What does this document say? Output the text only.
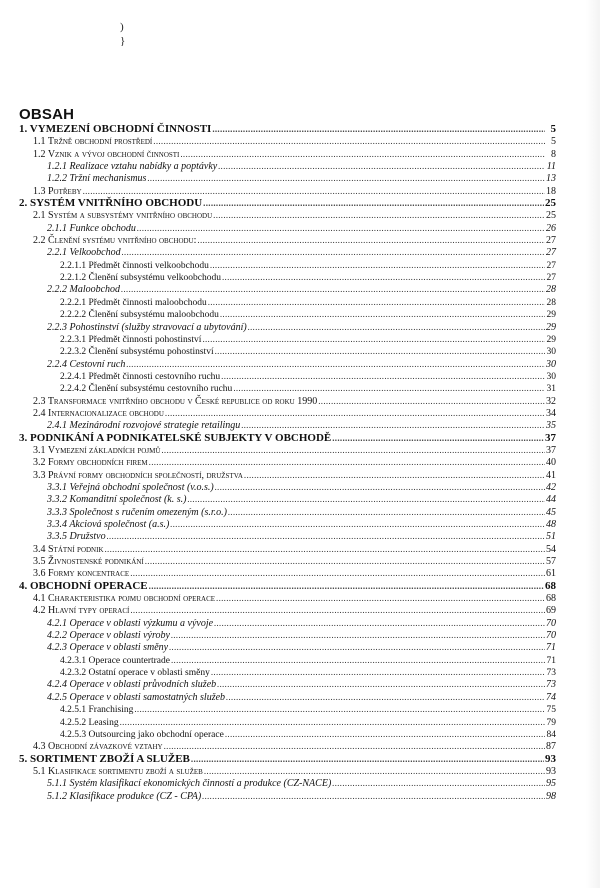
)
}
OBSAH
1. VYMEZENÍ OBCHODNÍ ČINNOSTI .....	5
1.1 Tržně obchodní prostředí .....	5
1.2 Vznik a vývoj obchodní činnosti .....	8
1.2.1 Realizace vztahu nabídky a poptávky .....	11
1.2.2 Tržní mechanismus .....	13
1.3 Potřeby .....	18
2. SYSTÉM VNITŘNÍHO OBCHODU .....	25
2.1 Systém a subsystémy vnitřního obchodu .....	25
2.1.1 Funkce obchodu .....	26
2.2 Členění systému vnitřního obchodu: .....	27
2.2.1 Velkoobchod .....	27
2.2.1.1 Předmět činnosti velkoobchodu .....	27
2.2.1.2 Členění subsystému velkoobchodu .....	27
2.2.2 Maloobchod .....	28
2.2.2.1 Předmět činnosti maloobchodu .....	28
2.2.2.2 Členění subsystému maloobchodu .....	29
2.2.3 Pohostinství (služby stravovací a ubytování) .....	29
2.2.3.1 Předmět činnosti pohostinství .....	29
2.2.3.2 Členění subsystému pohostinství .....	30
2.2.4 Cestovní ruch .....	30
2.2.4.1 Předmět činnosti cestovního ruchu .....	30
2.2.4.2 Členění subsystému cestovního ruchu .....	31
2.3 Transformace vnitřního obchodu v České republice od roku 1990 .....	32
2.4 Internacionalizace obchodu .....	34
2.4.1 Mezinárodní rozvojové strategie retailingu .....	35
3. PODNIKÁNÍ A PODNIKATELSKÉ SUBJEKTY V OBCHODĚ .....	37
3.1 Vymezení základních pojmů .....	37
3.2 Formy obchodních firem .....	40
3.3 Právní formy obchodních společností, družstva .....	41
3.3.1 Veřejná obchodní společnost (v.o.s.) .....	42
3.3.2 Komanditní společnost (k. s.) .....	44
3.3.3 Společnost s ručením omezeným (s.r.o.) .....	45
3.3.4 Akciová společnost (a.s.) .....	48
3.3.5 Družstvo .....	51
3.4 Státní podnik .....	54
3.5 Živnostenské podnikání .....	57
3.6 Formy koncentrace .....	61
4. OBCHODNÍ OPERACE .....	68
4.1 Charakteristika pojmu obchodní operace .....	68
4.2 Hlavní typy operací .....	69
4.2.1 Operace v oblasti výzkumu a vývoje .....	70
4.2.2 Operace v oblasti výroby .....	70
4.2.3 Operace v oblasti směny .....	71
4.2.3.1 Operace countertrade .....	71
4.2.3.2 Ostatní operace v oblasti směny .....	73
4.2.4 Operace v oblasti průvodních služeb .....	73
4.2.5 Operace v oblasti samostatných služeb .....	74
4.2.5.1 Franchising .....	75
4.2.5.2 Leasing .....	79
4.2.5.3 Outsourcing jako obchodní operace .....	84
4.3 Obchodní závazkové vztahy .....	87
5. SORTIMENT ZBOŽÍ A SLUŽEB .....	93
5.1 Klasifikace sortimentu zboží a služeb .....	93
5.1.1 Systém klasifikací ekonomických činností a produkce (CZ-NACE) .....	95
5.1.2 Klasifikace produkce (CZ - CPA) .....	98
